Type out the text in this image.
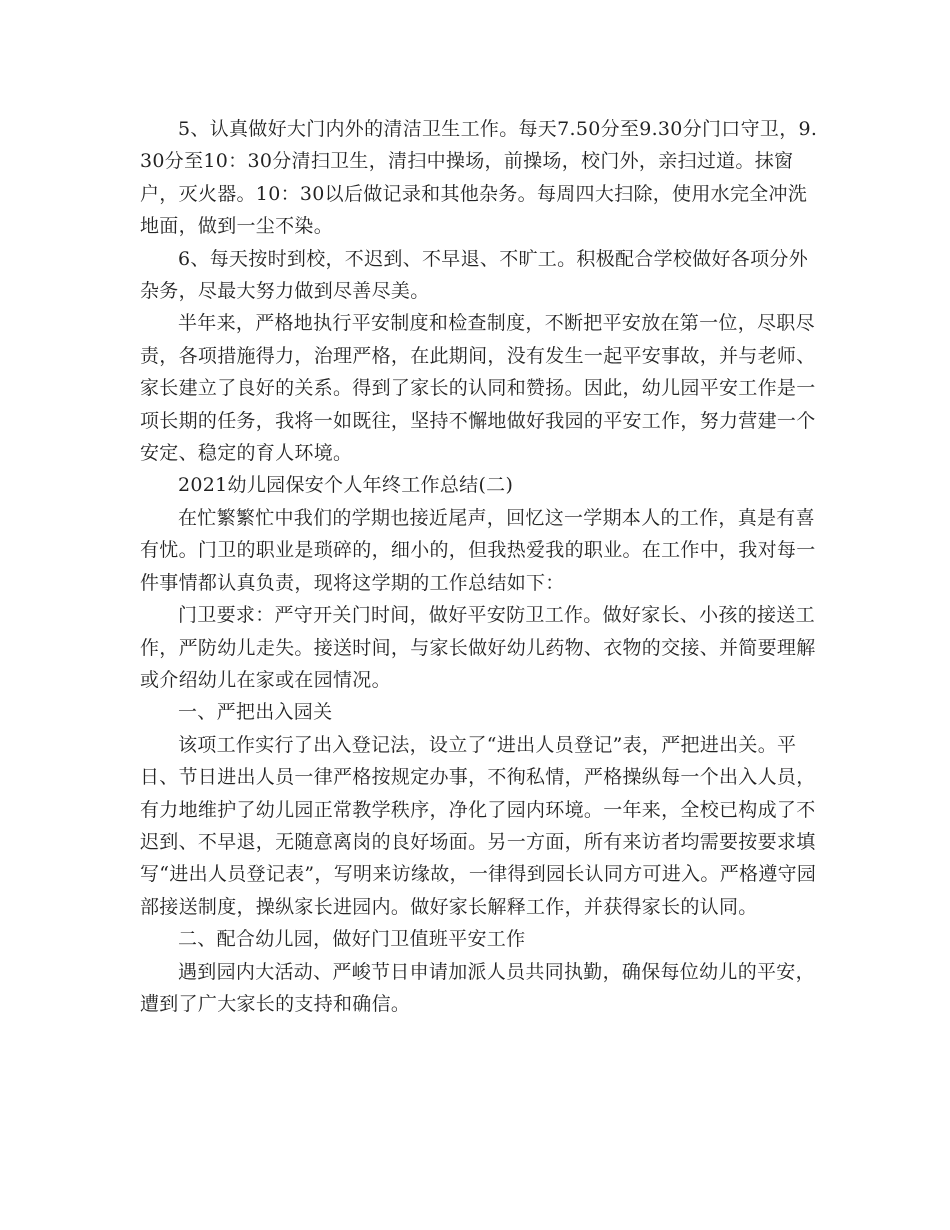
5、认真做好大门内外的清洁卫生工作。每天7.50分至9.30分门口守卫，9.30分至10：30分清扫卫生，清扫中操场，前操场，校门外，亲扫过道。抹窗户，灭火器。10：30以后做记录和其他杂务。每周四大扫除，使用水完全冲洗地面，做到一尘不染。

6、每天按时到校，不迟到、不早退、不旷工。积极配合学校做好各项分外杂务，尽最大努力做到尽善尽美。

半年来，严格地执行平安制度和检查制度，不断把平安放在第一位，尽职尽责，各项措施得力，治理严格，在此期间，没有发生一起平安事故，并与老师、家长建立了良好的关系。得到了家长的认同和赞扬。因此，幼儿园平安工作是一项长期的任务，我将一如既往，坚持不懈地做好我园的平安工作，努力营建一个安定、稳定的育人环境。

2021幼儿园保安个人年终工作总结(二)

在忙繁繁忙中我们的学期也接近尾声，回忆这一学期本人的工作，真是有喜有忧。门卫的职业是琐碎的，细小的，但我热爱我的职业。在工作中，我对每一件事情都认真负责，现将这学期的工作总结如下：

门卫要求：严守开关门时间，做好平安防卫工作。做好家长、小孩的接送工作，严防幼儿走失。接送时间，与家长做好幼儿药物、衣物的交接、并简要理解或介绍幼儿在家或在园情况。

一、严把出入园关

该项工作实行了出入登记法，设立了“进出人员登记”表，严把进出关。平日、节日进出人员一律严格按规定办事，不徇私情，严格操纵每一个出入人员，有力地维护了幼儿园正常教学秩序，净化了园内环境。一年来，全校已构成了不迟到、不早退，无随意离岗的良好场面。另一方面，所有来访者均需要按要求填写“进出人员登记表”，写明来访缘故，一律得到园长认同方可进入。严格遵守园部接送制度，操纵家长进园内。做好家长解释工作，并获得家长的认同。

二、配合幼儿园，做好门卫值班平安工作

遇到园内大活动、严峻节日申请加派人员共同执勤，确保每位幼儿的平安，遭到了广大家长的支持和确信。
